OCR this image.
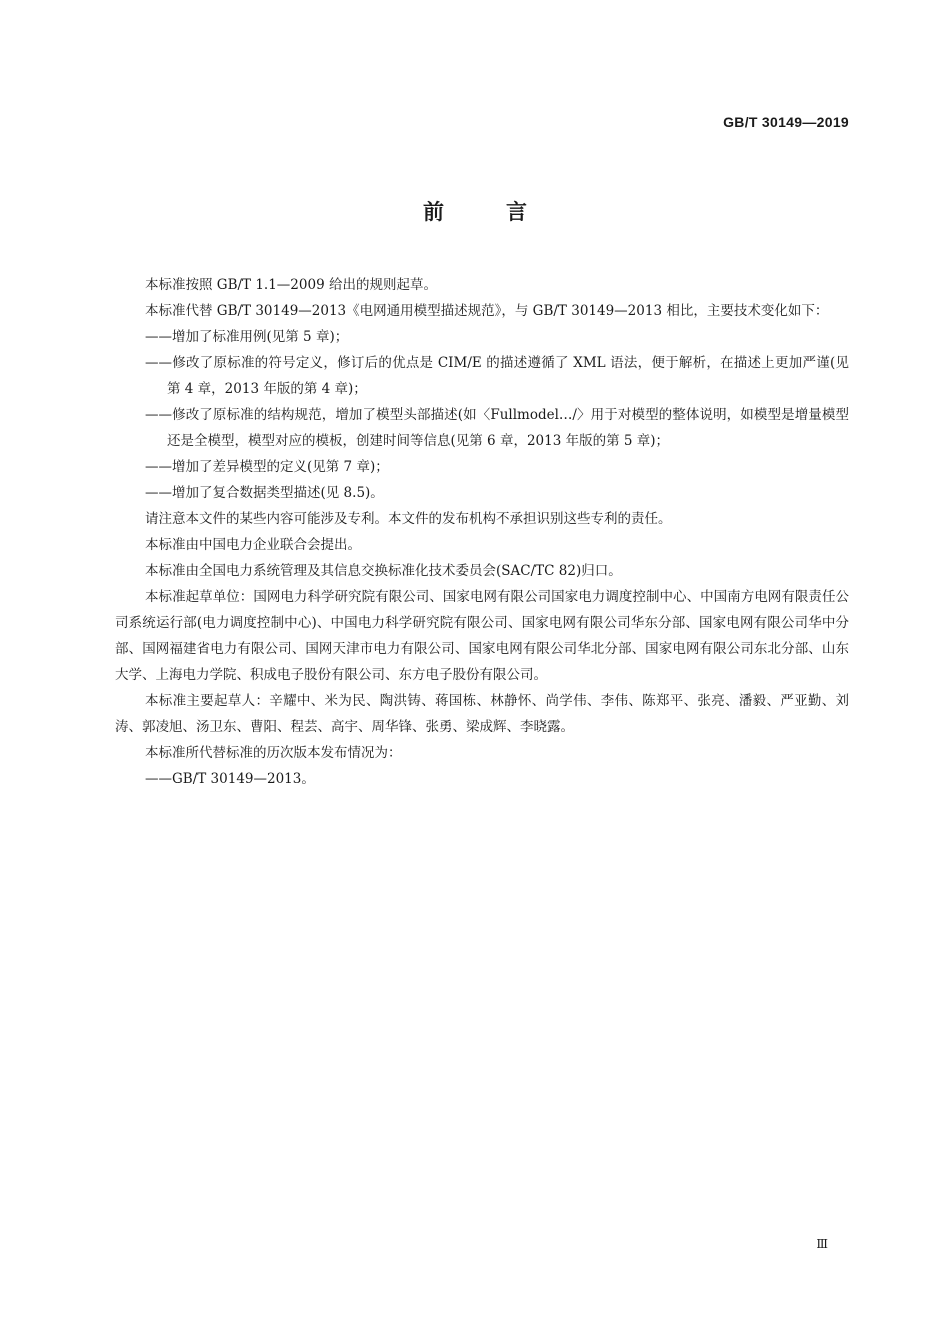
GB/T 30149—2019
前	言

本标准按照 GB/T 1.1—2009 给出的规则起草。

本标准代替 GB/T 30149—2013《电网通用模型描述规范》，与 GB/T 30149—2013 相比，主要技术变化如下：

——增加了标准用例(见第 5 章)；

——修改了原标准的符号定义，修订后的优点是 CIM/E 的描述遵循了 XML 语法，便于解析，在描述上更加严谨(见第 4 章，2013 年版的第 4 章)；

——修改了原标准的结构规范，增加了模型头部描述(如〈Fullmodel…/〉用于对模型的整体说明，如模型是增量模型还是全模型，模型对应的模板，创建时间等信息(见第 6 章，2013 年版的第 5 章)；

——增加了差异模型的定义(见第 7 章)；

——增加了复合数据类型描述(见 8.5)。

请注意本文件的某些内容可能涉及专利。本文件的发布机构不承担识别这些专利的责任。

本标准由中国电力企业联合会提出。

本标准由全国电力系统管理及其信息交换标准化技术委员会(SAC/TC 82)归口。

本标准起草单位：国网电力科学研究院有限公司、国家电网有限公司国家电力调度控制中心、中国南方电网有限责任公司系统运行部(电力调度控制中心)、中国电力科学研究院有限公司、国家电网有限公司华东分部、国家电网有限公司华中分部、国网福建省电力有限公司、国网天津市电力有限公司、国家电网有限公司华北分部、国家电网有限公司东北分部、山东大学、上海电力学院、积成电子股份有限公司、东方电子股份有限公司。

本标准主要起草人：辛耀中、米为民、陶洪铸、蒋国栋、林静怀、尚学伟、李伟、陈郑平、张亮、潘毅、严亚勤、刘涛、郭凌旭、汤卫东、曹阳、程芸、高宇、周华锋、张勇、梁成辉、李晓露。

本标准所代替标准的历次版本发布情况为：

——GB/T 30149—2013。

Ⅲ
